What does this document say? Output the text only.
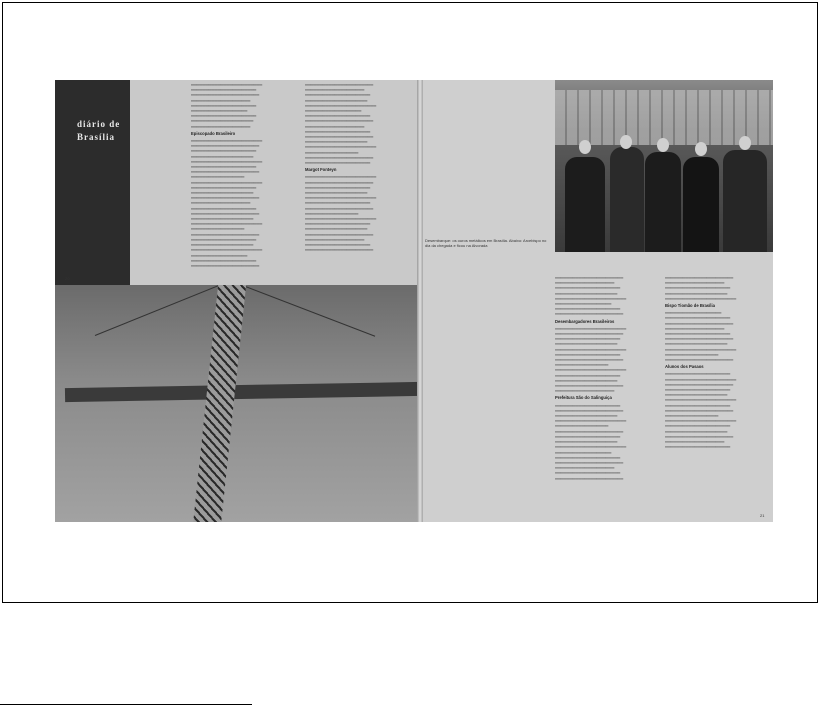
diário de
Brasília
════════════════════════
══════════════════════
═══════════════════════
════════════════════
══════════════════════
═══════════════════
══════════════════════
═════════════════════
════════════════════
Episcopado Brasileiro
════════════════════════
═══════════════════════
══════════════════════
═════════════════════
════════════════════════
══════════════════════
═══════════════════════
══════════════════
════════════════════════
══════════════════════
═════════════════════
═══════════════════════
════════════════════
══════════════════════
═══════════════════════
═════════════════════
════════════════════════
══════════════════
═══════════════════════
══════════════════════
═════════════════════
════════════════════════
═══════════════════
══════════════════════
═══════════════════════
═══════════════════════
════════════════════
══════════════════════
═════════════════════
════════════════════════
═══════════════════
══════════════════════
═══════════════════════
════════════════════
══════════════════════
═══════════════════════
═════════════════════
════════════════════════
══════════════════
═══════════════════════
══════════════════════
Margot Fonteyn
════════════════════════
═══════════════════════
══════════════════════
═════════════════════
════════════════════════
══════════════════════
═══════════════════════
══════════════════
════════════════════════
══════════════════════
═════════════════════
═══════════════════════
════════════════════
══════════════════════
═══════════════════════
20
Desembarque: os ouros metálicos em Brasília. Abaixo: Arcebispo no dia da chegada e ficou na Alvorada
═══════════════════════
════════════════════
══════════════════════
═════════════════════
════════════════════════
═══════════════════
══════════════════════
═══════════════════════
Desembargadores Brasileiros
════════════════════════
═══════════════════════
══════════════════════
═════════════════════
════════════════════════
══════════════════════
═══════════════════════
══════════════════
════════════════════════
══════════════════════
═════════════════════
═══════════════════════
════════════════════
Prefeitura São do Salinguiça
══════════════════════
═══════════════════════
═════════════════════
════════════════════════
══════════════════
═══════════════════════
══════════════════════
═════════════════════
════════════════════════
═══════════════════
══════════════════════
═══════════════════════
════════════════════
══════════════════════
═══════════════════════
═══════════════════════
════════════════════
══════════════════════
═════════════════════
════════════════════════
Bispo Tiomão de Brasília
═══════════════════
══════════════════════
═══════════════════════
════════════════════
══════════════════════
═══════════════════════
═════════════════════
════════════════════════
══════════════════
═══════════════════════
Alunos dos Pasaos
══════════════════════
════════════════════════
═══════════════════════
══════════════════════
═════════════════════
════════════════════════
══════════════════════
═══════════════════════
══════════════════
════════════════════════
══════════════════════
═════════════════════
═══════════════════════
════════════════════
══════════════════════
21
